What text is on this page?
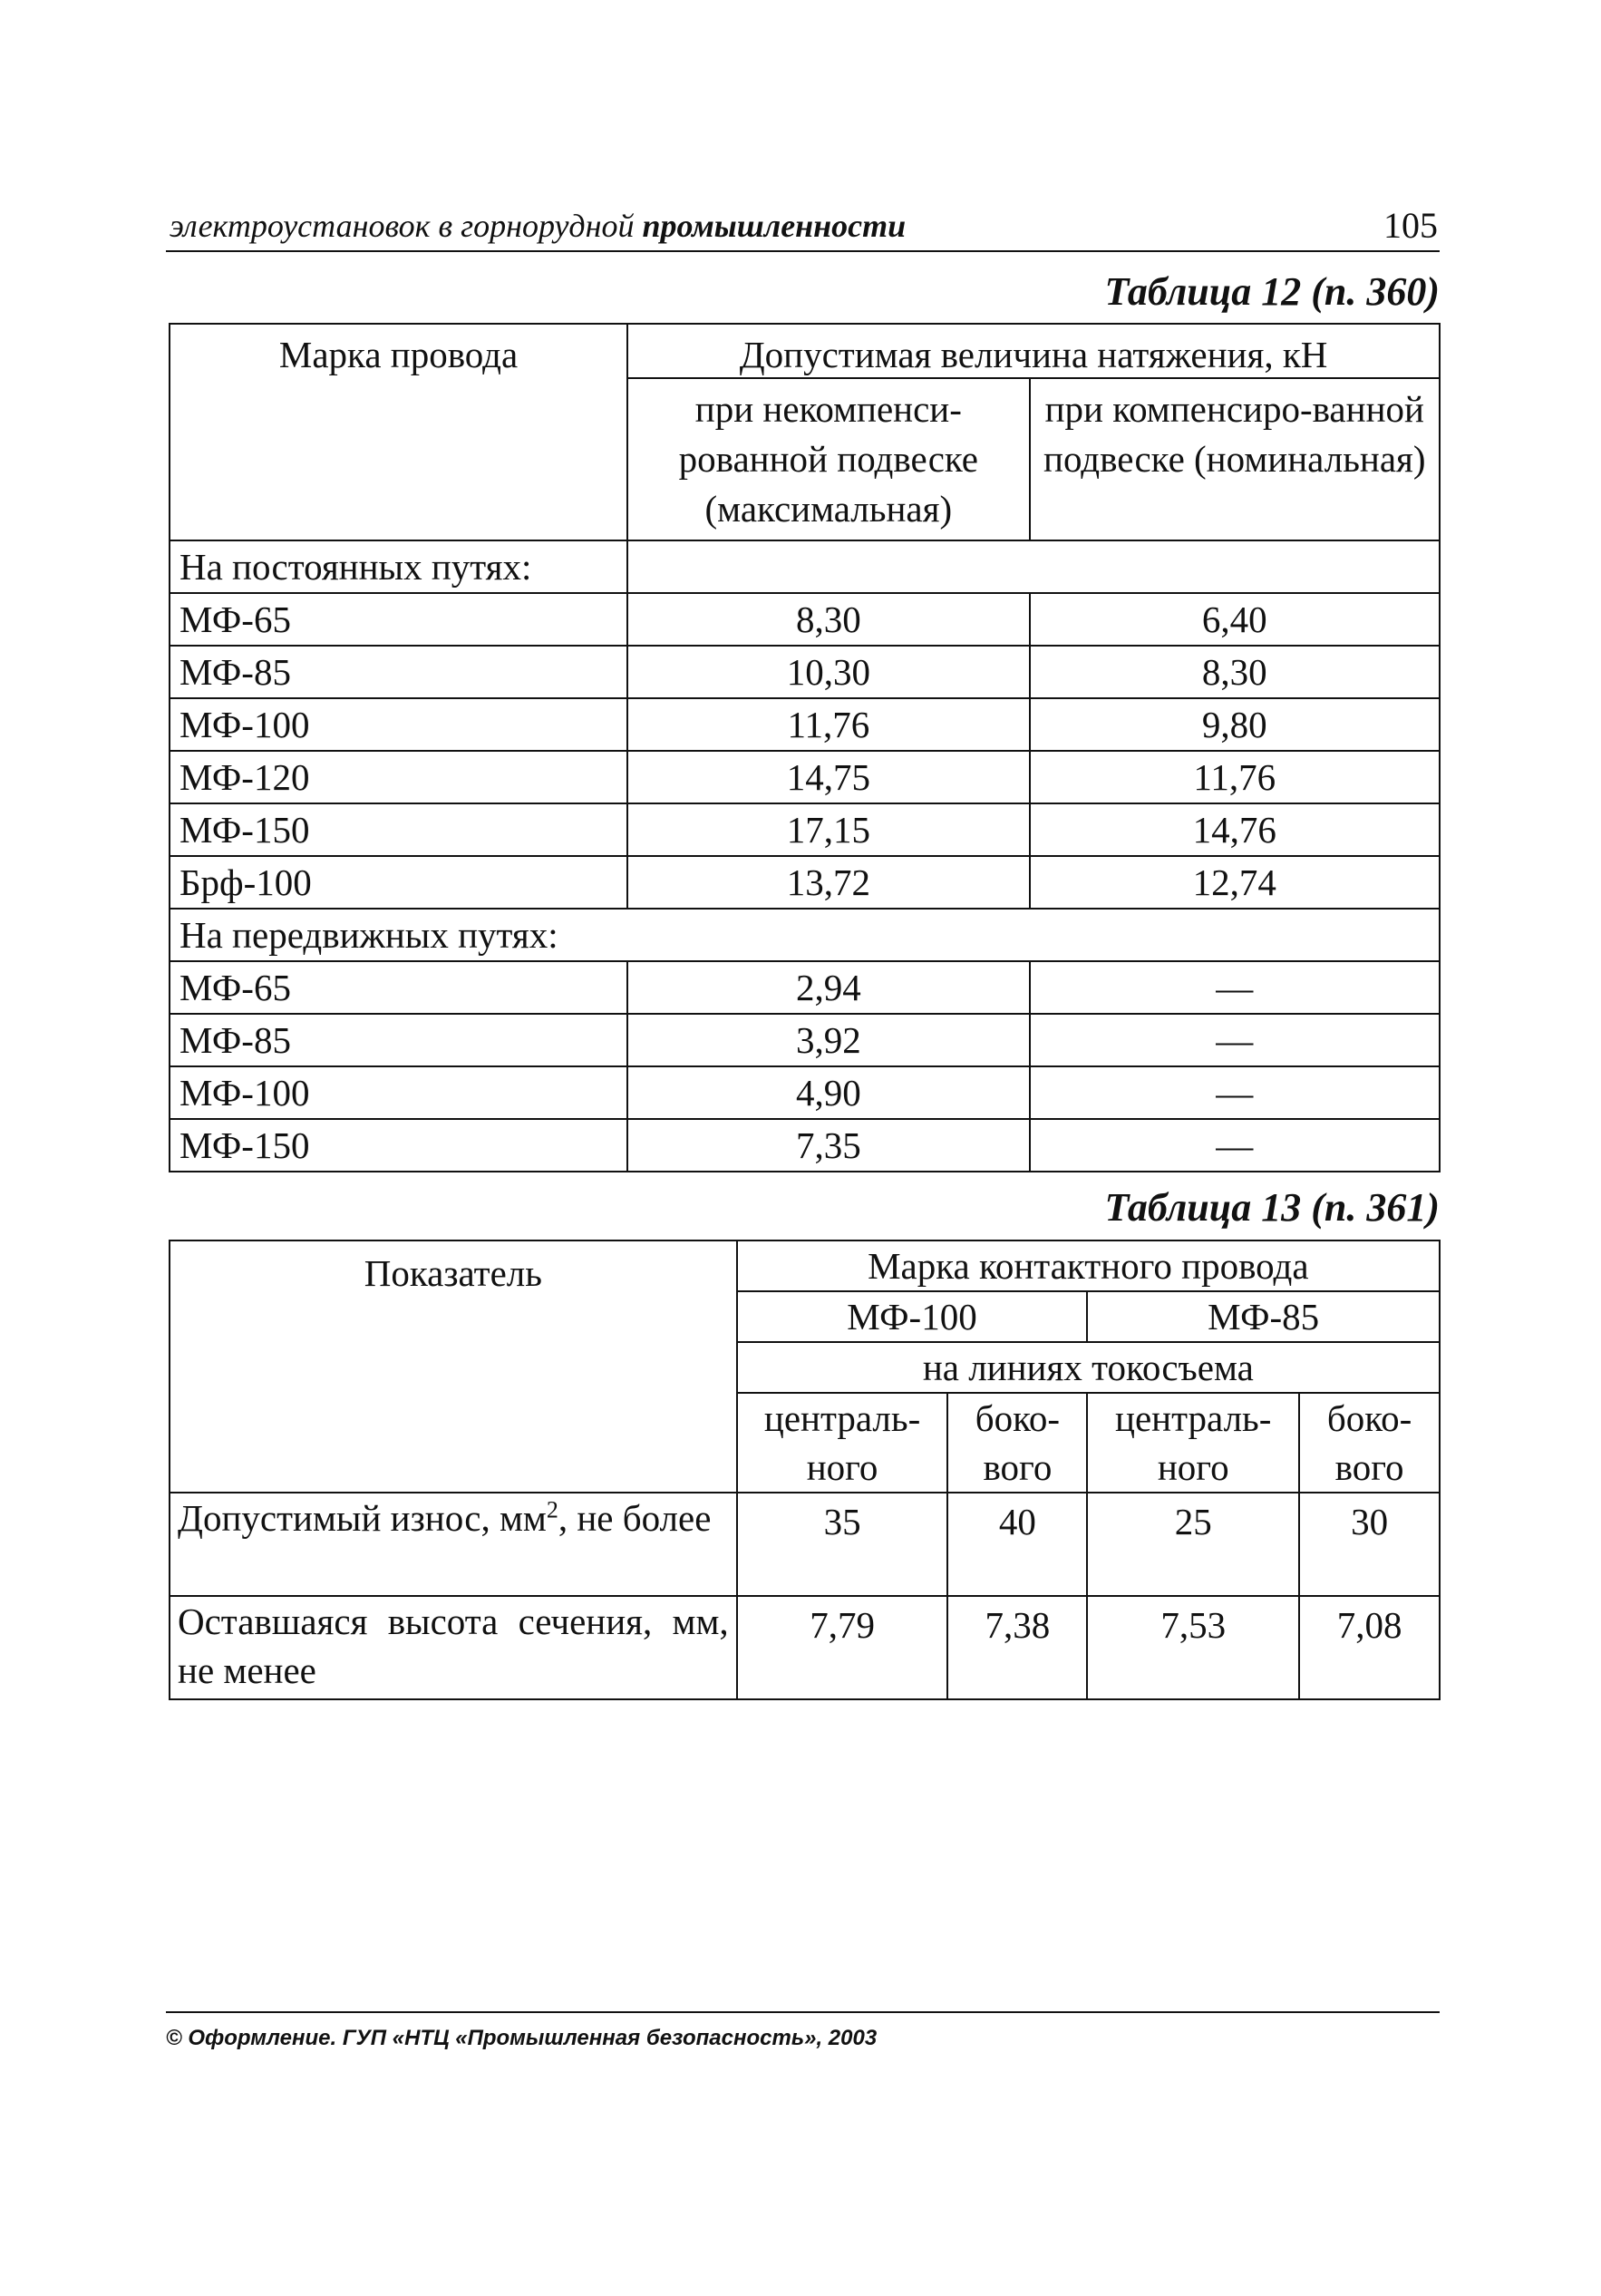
электроустановок в горнорудной промышленности	105
Таблица 12 (п. 360)
Марка провода	Допустимая величина натяжения, кН	
	при некомпенси-рованной подвеске (максимальная)	при компенсиро-ванной подвеске (номинальная)
На постоянных путях:		
МФ-65	8,30	6,40
МФ-85	10,30	8,30
МФ-100	11,76	9,80
МФ-120	14,75	11,76
МФ-150	17,15	14,76
Брф-100	13,72	12,74
На передвижных путях:		
МФ-65	2,94	—
МФ-85	3,92	—
МФ-100	4,90	—
МФ-150	7,35	—
Таблица 13 (п. 361)
Показатель	Марка контактного провода			
	МФ-100		МФ-85	
	на линиях токосъема			
	централь-ного	боко-вого	централь-ного	боко-вого
Допустимый износ, $мм^2$, не более	35	40	25	30
Оставшаяся высота сечения, мм, не менее	7,79	7,38	7,53	7,08
© Оформление. ГУП «НТЦ «Промышленная безопасность», 2003
